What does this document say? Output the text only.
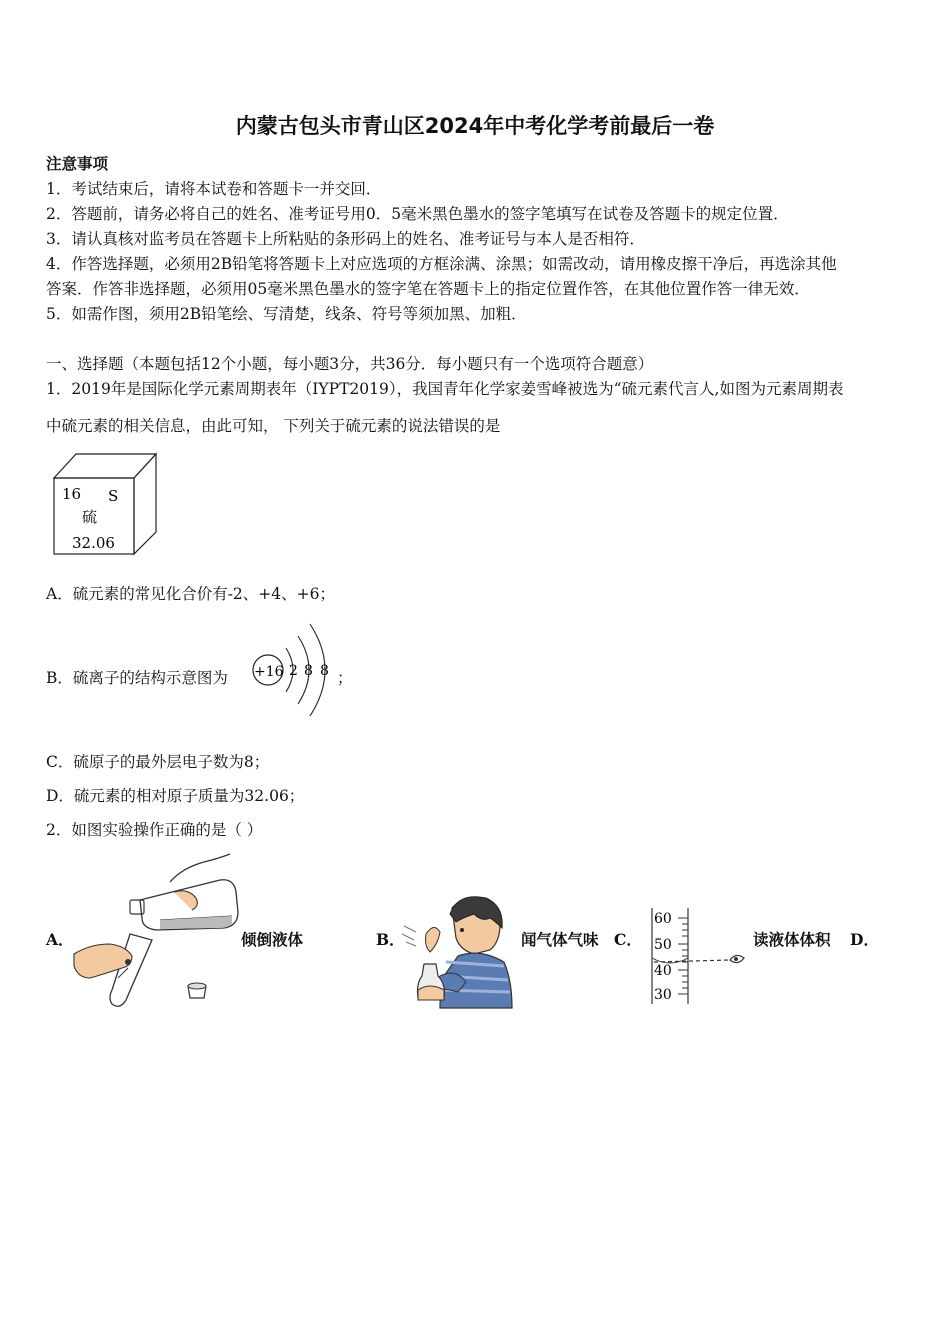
内蒙古包头市青山区2024年中考化学考前最后一卷
注意事项
1．考试结束后，请将本试卷和答题卡一并交回．
2．答题前，请务必将自己的姓名、准考证号用0．5毫米黑色墨水的签字笔填写在试卷及答题卡的规定位置．
3．请认真核对监考员在答题卡上所粘贴的条形码上的姓名、准考证号与本人是否相符．
4．作答选择题，必须用2B铅笔将答题卡上对应选项的方框涂满、涂黑；如需改动，请用橡皮擦干净后，再选涂其他
答案．作答非选择题，必须用05毫米黑色墨水的签字笔在答题卡上的指定位置作答，在其他位置作答一律无效．
5．如需作图，须用2B铅笔绘、写清楚，线条、符号等须加黑、加粗．
一、选择题（本题包括12个小题，每小题3分，共36分．每小题只有一个选项符合题意）
1．2019年是国际化学元素周期表年（IYPT2019），我国青年化学家姜雪峰被选为“硫元素代言人,如图为元素周期表
中硫元素的相关信息，由此可知， 下列关于硫元素的说法错误的是
16 S
硫
32.06
A．硫元素的常见化合价有-2、+4、+6；
B．硫离子的结构示意图为 +16 2 8 8 ；
C．硫原子的最外层电子数为8；
D．硫元素的相对原子质量为32.06；
2．如图实验操作正确的是（ ）
A．	倾倒液体	B．	闻气体气味 C．
60
50
40
30
读液体体积 D．
